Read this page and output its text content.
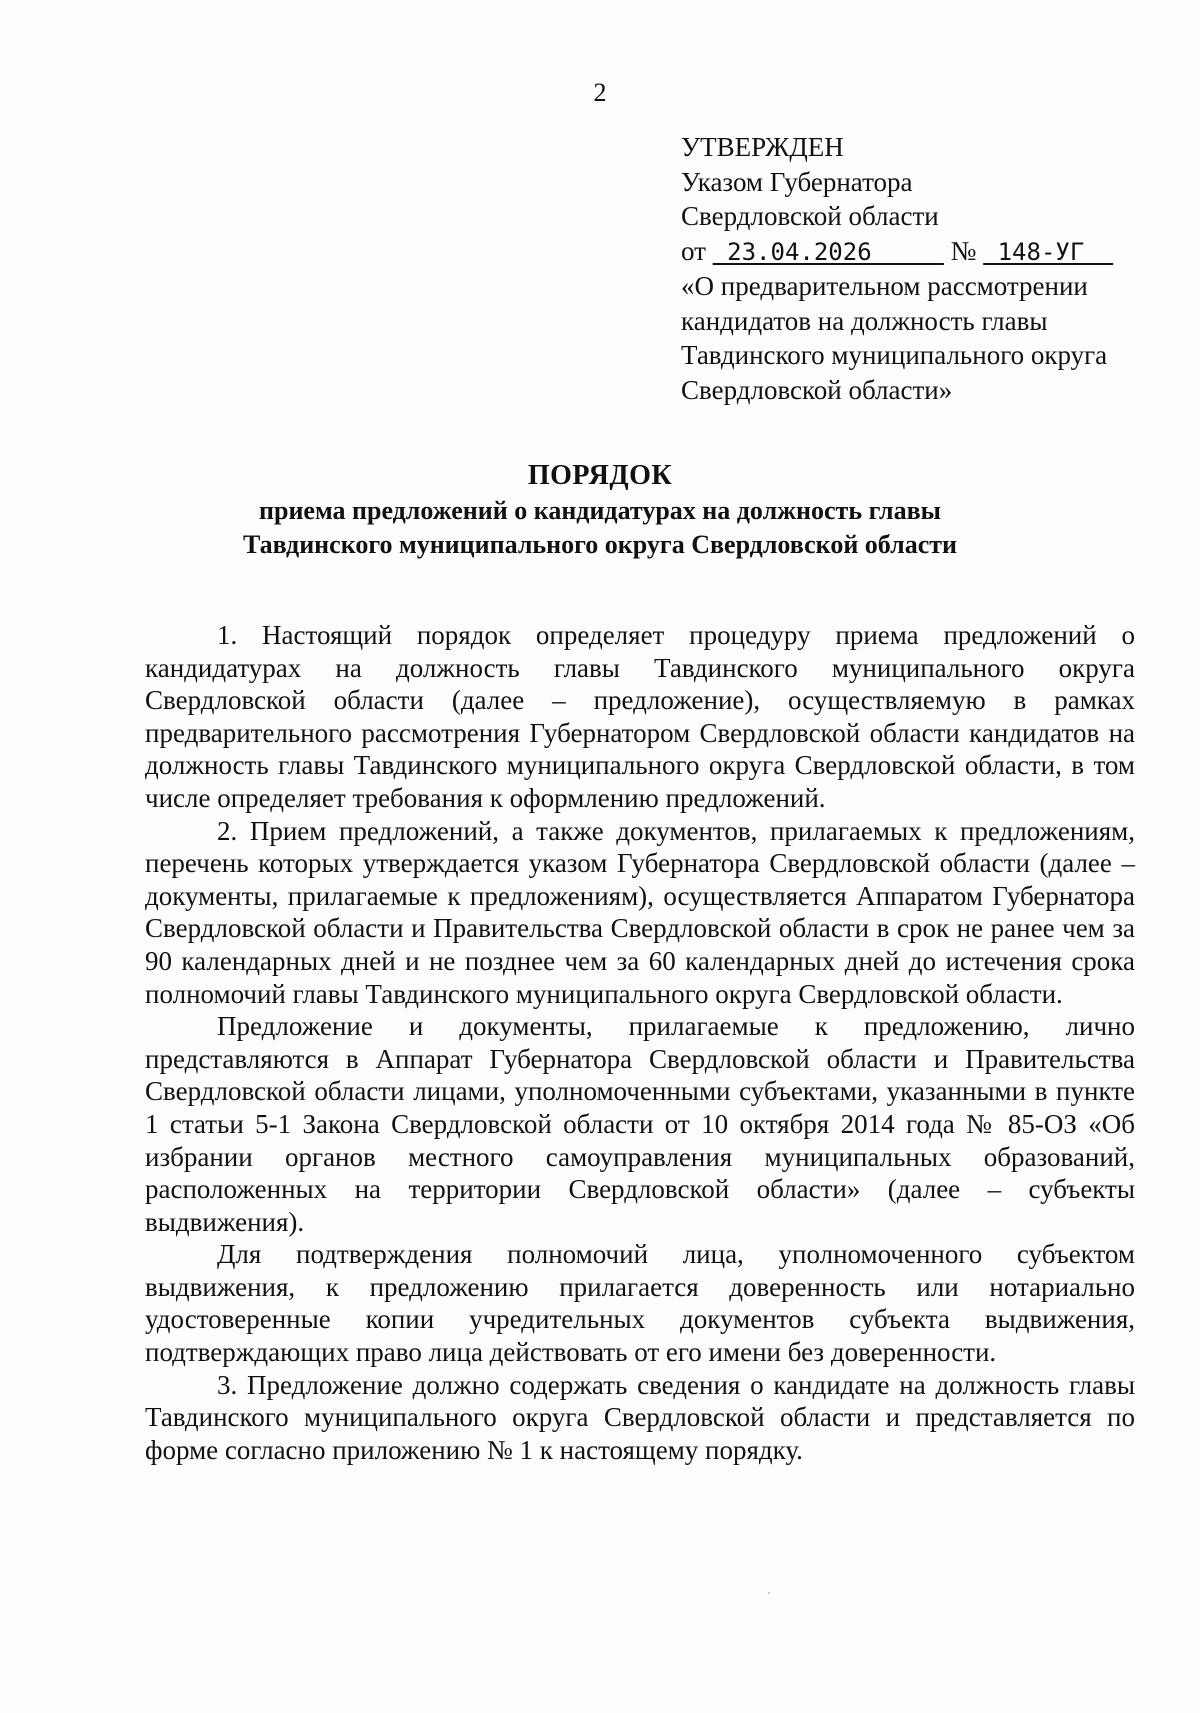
2
УТВЕРЖДЕН
Указом Губернатора
Свердловской области
от  23.04.2026      №  148-УГ
«О предварительном рассмотрении
кандидатов на должность главы
Тавдинского муниципального округа
Свердловской области»
ПОРЯДОК
приема предложений о кандидатурах на должность главы
Тавдинского муниципального округа Свердловской области

1. Настоящий порядок определяет процедуру приема предложений о кандидатурах на должность главы Тавдинского муниципального округа Свердловской области (далее – предложение), осуществляемую в рамках предварительного рассмотрения Губернатором Свердловской области кандидатов на должность главы Тавдинского муниципального округа Свердловской области, в том числе определяет требования к оформлению предложений.

2. Прием предложений, а также документов, прилагаемых к предложениям, перечень которых утверждается указом Губернатора Свердловской области (далее – документы, прилагаемые к предложениям), осуществляется Аппаратом Губернатора Свердловской области и Правительства Свердловской области в срок не ранее чем за 90 календарных дней и не позднее чем за 60 календарных дней до истечения срока полномочий главы Тавдинского муниципального округа Свердловской области.

Предложение и документы, прилагаемые к предложению, лично представляются в Аппарат Губернатора Свердловской области и Правительства Свердловской области лицами, уполномоченными субъектами, указанными в пункте 1 статьи 5-1 Закона Свердловской области от 10 октября 2014 года № 85-ОЗ «Об избрании органов местного самоуправления муниципальных образований, расположенных на территории Свердловской области» (далее – субъекты выдвижения).

Для подтверждения полномочий лица, уполномоченного субъектом выдвижения, к предложению прилагается доверенность или нотариально удостоверенные копии учредительных документов субъекта выдвижения, подтверждающих право лица действовать от его имени без доверенности.

3. Предложение должно содержать сведения о кандидате на должность главы Тавдинского муниципального округа Свердловской области и представляется по форме согласно приложению № 1 к настоящему порядку.
